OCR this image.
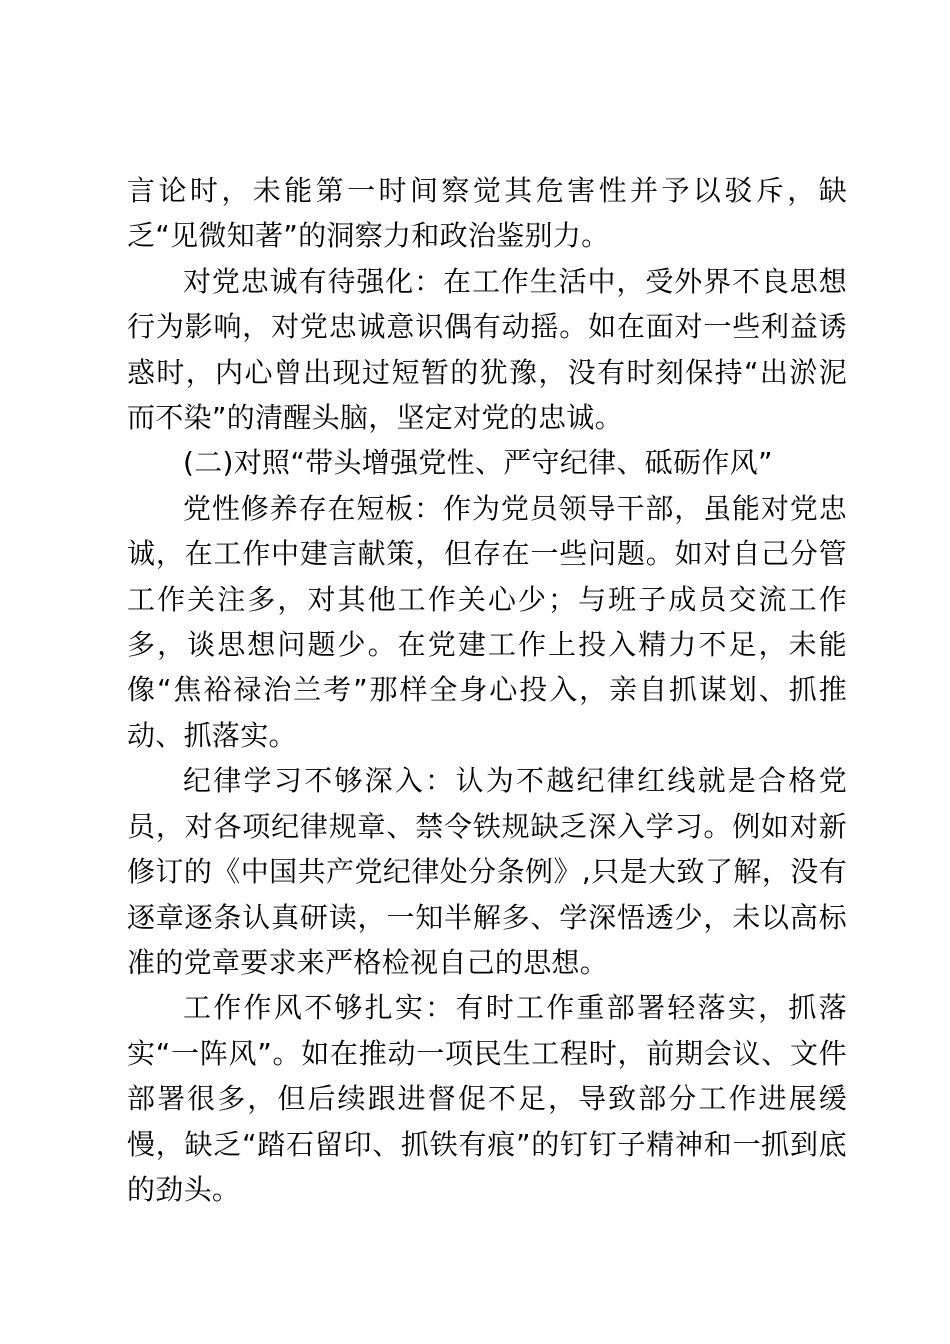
言论时，未能第一时间察觉其危害性并予以驳斥，缺乏“见微知著”的洞察力和政治鉴别力。

对党忠诚有待强化：在工作生活中，受外界不良思想行为影响，对党忠诚意识偶有动摇。如在面对一些利益诱惑时，内心曾出现过短暂的犹豫，没有时刻保持“出淤泥而不染”的清醒头脑，坚定对党的忠诚。

(二)对照“带头增强党性、严守纪律、砥砺作风”

党性修养存在短板：作为党员领导干部，虽能对党忠诚，在工作中建言献策，但存在一些问题。如对自己分管工作关注多，对其他工作关心少；与班子成员交流工作多，谈思想问题少。在党建工作上投入精力不足，未能像“焦裕禄治兰考”那样全身心投入，亲自抓谋划、抓推动、抓落实。

纪律学习不够深入：认为不越纪律红线就是合格党员，对各项纪律规章、禁令铁规缺乏深入学习。例如对新修订的《中国共产党纪律处分条例》,只是大致了解，没有逐章逐条认真研读，一知半解多、学深悟透少，未以高标准的党章要求来严格检视自己的思想。

工作作风不够扎实：有时工作重部署轻落实，抓落实“一阵风”。如在推动一项民生工程时，前期会议、文件部署很多，但后续跟进督促不足，导致部分工作进展缓慢，缺乏“踏石留印、抓铁有痕”的钉钉子精神和一抓到底的劲头。
